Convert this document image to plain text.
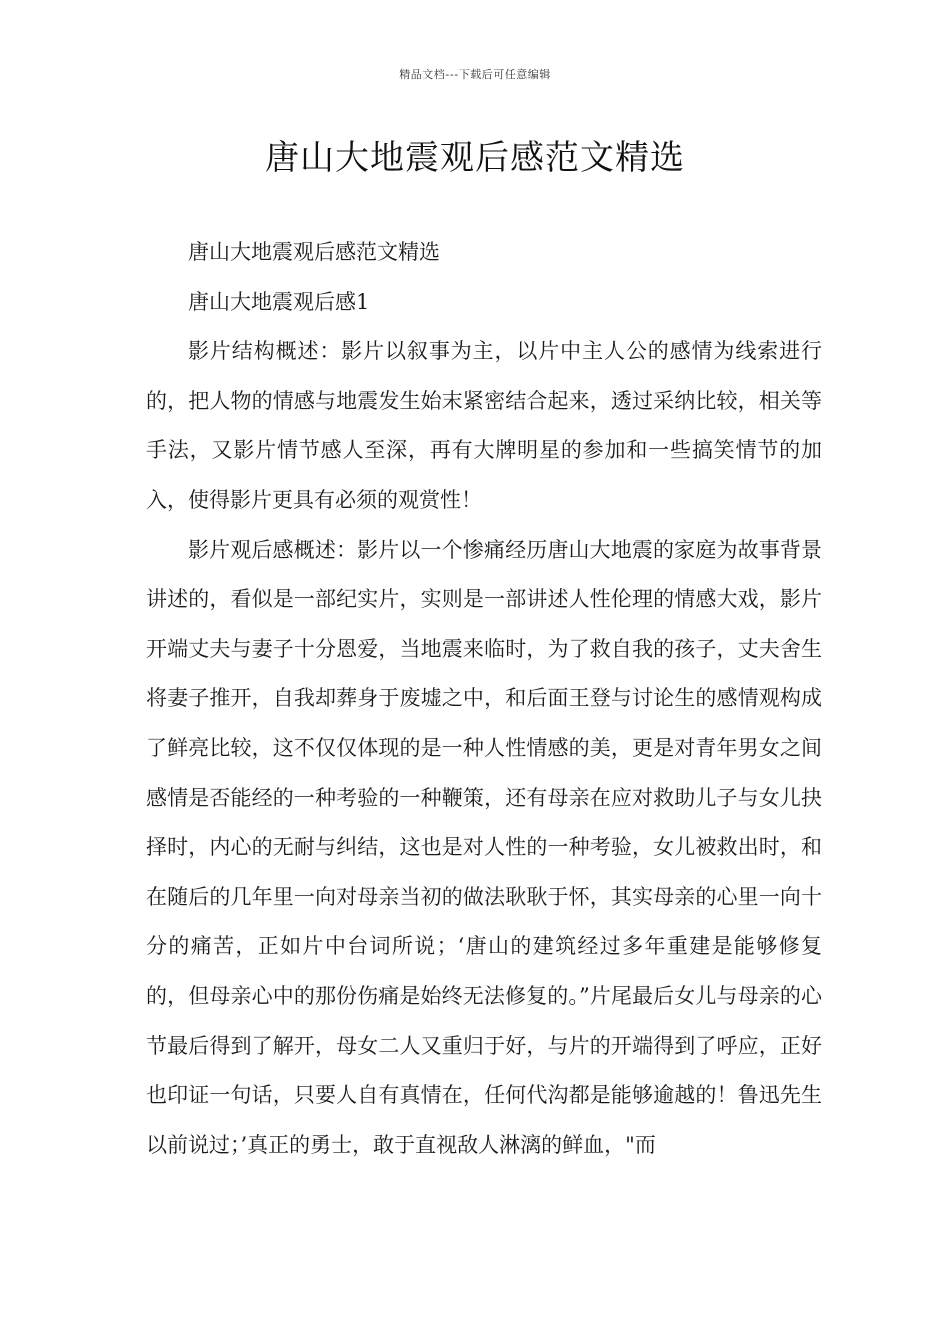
精品文档---下载后可任意编辑
唐山大地震观后感范文精选

唐山大地震观后感范文精选

唐山大地震观后感1

影片结构概述：影片以叙事为主，以片中主人公的感情为线索进行的，把人物的情感与地震发生始末紧密结合起来，透过采纳比较，相关等手法，又影片情节感人至深，再有大牌明星的参加和一些搞笑情节的加入，使得影片更具有必须的观赏性！

影片观后感概述：影片以一个惨痛经历唐山大地震的家庭为故事背景讲述的，看似是一部纪实片，实则是一部讲述人性伦理的情感大戏，影片开端丈夫与妻子十分恩爱，当地震来临时，为了救自我的孩子，丈夫舍生将妻子推开，自我却葬身于废墟之中，和后面王登与讨论生的感情观构成了鲜亮比较，这不仅仅体现的是一种人性情感的美，更是对青年男女之间感情是否能经的一种考验的一种鞭策，还有母亲在应对救助儿子与女儿抉择时，内心的无耐与纠结，这也是对人性的一种考验，女儿被救出时，和在随后的几年里一向对母亲当初的做法耿耿于怀，其实母亲的心里一向十分的痛苦，正如片中台词所说；‘唐山的建筑经过多年重建是能够修复的，但母亲心中的那份伤痛是始终无法修复的。”片尾最后女儿与母亲的心节最后得到了解开，母女二人又重归于好，与片的开端得到了呼应，正好也印证一句话，只要人自有真情在，任何代沟都是能够逾越的！鲁迅先生以前说过；’真正的勇士，敢于直视敌人淋漓的鲜血，"而
